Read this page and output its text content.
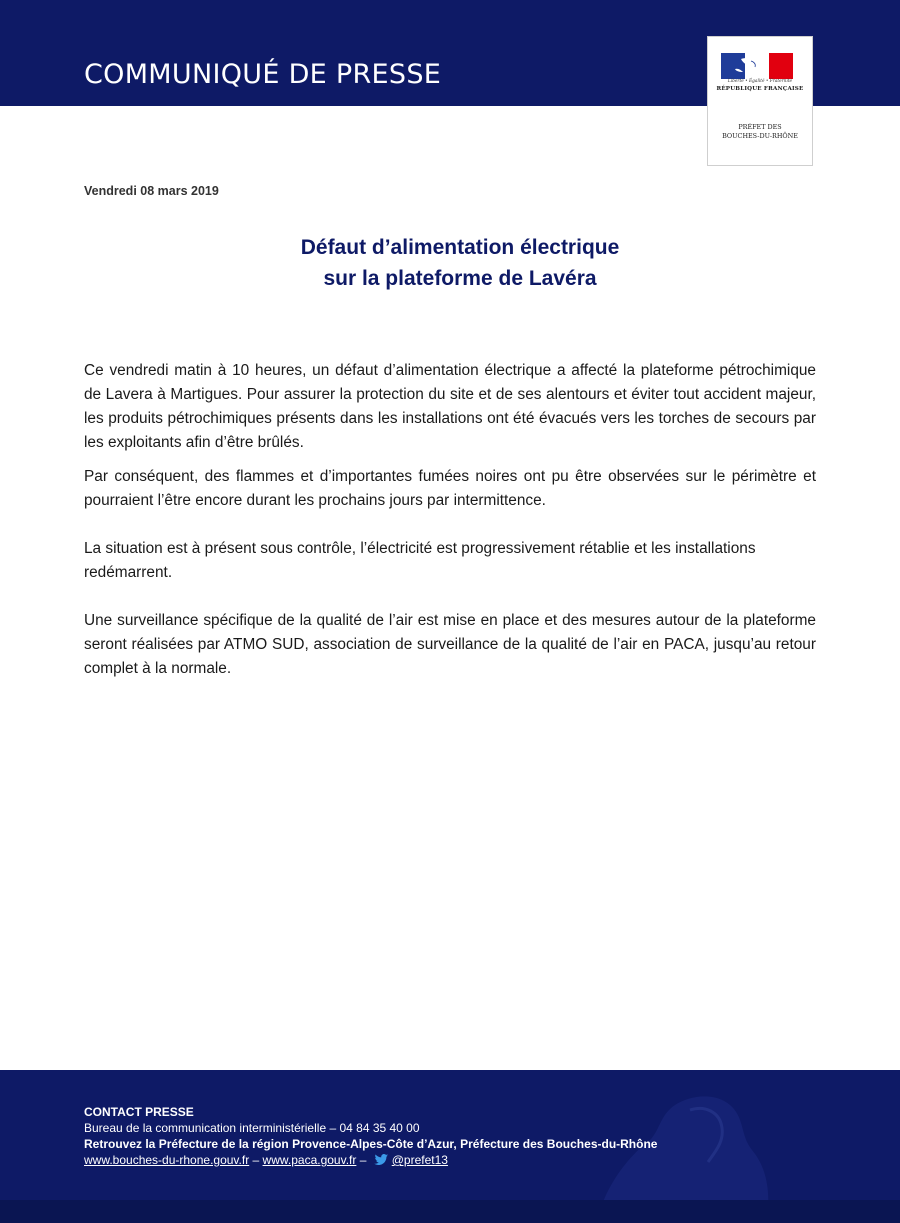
COMMUNIQUÉ DE PRESSE	Liberté • Égalité • Fraternité
RÉPUBLIQUE FRANÇAISE
PRÉFET DES
BOUCHES-DU-RHÔNE
Vendredi 08 mars 2019
Défaut d’alimentation électrique
sur la plateforme de Lavéra

Ce vendredi matin à 10 heures, un défaut d’alimentation électrique a affecté la plateforme pétrochimique de Lavera à Martigues. Pour assurer la protection du site et de ses alentours et éviter tout accident majeur, les produits pétrochimiques présents dans les installations ont été évacués vers les torches de secours par les exploitants afin d’être brûlés.

Par conséquent, des flammes et d’importantes fumées noires ont pu être observées sur le périmètre et pourraient l’être encore durant les prochains jours par intermittence.

La situation est à présent sous contrôle, l’électricité est progressivement rétablie et les installations redémarrent.

Une surveillance spécifique de la qualité de l’air est mise en place et des mesures autour de la plateforme seront réalisées par ATMO SUD, association de surveillance de la qualité de l’air en PACA, jusqu’au retour complet à la normale.

CONTACT PRESSE
Bureau de la communication interministérielle – 04 84 35 40 00
Retrouvez la Préfecture de la région Provence-Alpes-Côte d’Azur, Préfecture des Bouches-du-Rhône
www.bouches-du-rhone.gouv.fr – www.paca.gouv.fr – @prefet13
